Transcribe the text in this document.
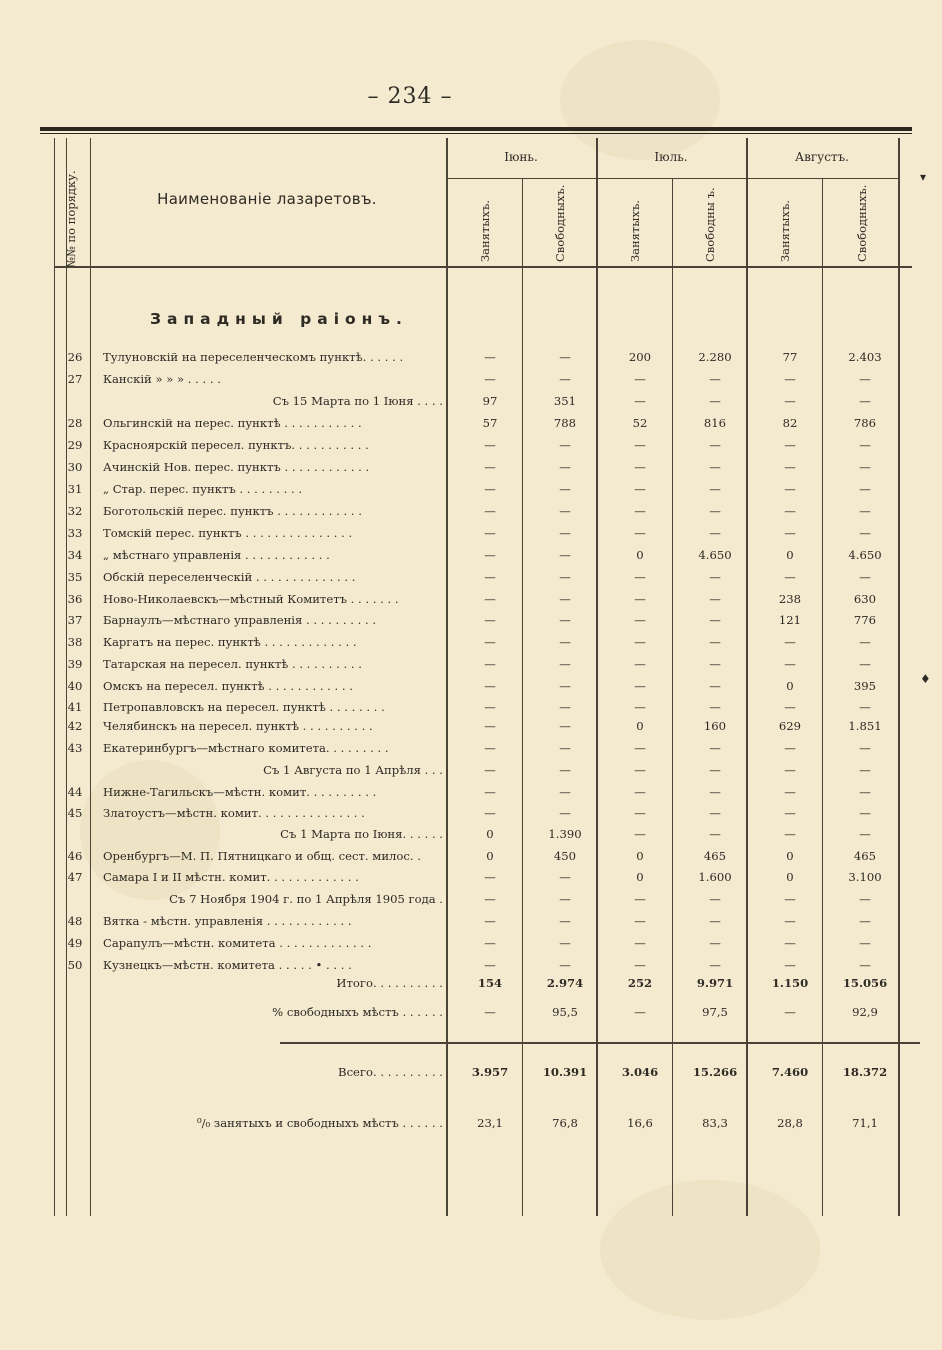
– 234 –
№№ по порядку.	Наименованіе лазаретовъ.
Іюнь.	Іюль.	Августъ.
Занятыхъ.	Свободныхъ.	Занятыхъ.	Свободны ъ.	Занятыхъ.	Свободныхъ.
Западный раіонъ.
26	Тулуновскій на переселенческомъ пунктѣ. . . . . .	—	—	200	2.280	77	2.403
27	Канскій » » » . . . . .	—	—	—	—	—	—
Съ 15 Марта по 1 Іюня . . . .	97	351	—	—	—	—
28	Ольгинскій на перес. пунктѣ . . . . . . . . . . .	57	788	52	816	82	786
29	Красноярскій пересел. пунктъ. . . . . . . . . . .	—	—	—	—	—	—
30	Ачинскій Нов. перес. пунктъ . . . . . . . . . . . .	—	—	—	—	—	—
31	„ Стар. перес. пунктъ . . . . . . . . .	—	—	—	—	—	—
32	Боготольскій перес. пунктъ . . . . . . . . . . . .	—	—	—	—	—	—
33	Томскій перес. пунктъ . . . . . . . . . . . . . . .	—	—	—	—	—	—
34	„ мѣстнаго управленія . . . . . . . . . . . .	—	—	0	4.650	0	4.650
35	Обскій переселенческій . . . . . . . . . . . . . .	—	—	—	—	—	—
36	Ново-Николаевскъ—мѣстный Комитетъ . . . . . . .	—	—	—	—	238	630
37	Барнаулъ—мѣстнаго управленія . . . . . . . . . .	—	—	—	—	121	776
38	Каргатъ на перес. пунктѣ . . . . . . . . . . . . .	—	—	—	—	—	—
39	Татарская на пересел. пунктѣ . . . . . . . . . .	—	—	—	—	—	—
40	Омскъ на пересел. пунктѣ . . . . . . . . . . . .	—	—	—	—	0	395
41	Петропавловскъ на пересел. пунктѣ . . . . . . . .	—	—	—	—	—	—
42	Челябинскъ на пересел. пунктѣ . . . . . . . . . .	—	—	0	160	629	1.851
43	Екатеринбургъ—мѣстнаго комитета. . . . . . . . .	—	—	—	—	—	—
Съ 1 Августа по 1 Апрѣля . . .	—	—	—	—	—	—
44	Нижне-Тагильскъ—мѣстн. комит. . . . . . . . . .	—	—	—	—	—	—
45	Златоустъ—мѣстн. комит. . . . . . . . . . . . . . .	—	—	—	—	—	—
Съ 1 Марта по Іюня. . . . . .	0	1.390	—	—	—	—
46	Оренбургъ—М. П. Пятницкаго и общ. сест. милос. .	0	450	0	465	0	465
47	Самара I и II мѣстн. комит. . . . . . . . . . . . .	—	—	0	1.600	0	3.100
Съ 7 Ноября 1904 г. по 1 Апрѣля 1905 года .	—	—	—	—	—	—
48	Вятка - мѣстн. управленія . . . . . . . . . . . .	—	—	—	—	—	—
49	Сарапулъ—мѣстн. комитета . . . . . . . . . . . . .	—	—	—	—	—	—
50	Кузнецкъ—мѣстн. комитета . . . . . • . . . .	—	—	—	—	—	—
Итого. . . . . . . . . .	154	2.974	252	9.971	1.150	15.056
% свободныхъ мѣстъ . . . . . .	—	95,5	—	97,5	—	92,9
Всего. . . . . . . . . .	3.957	10.391	3.046	15.266	7.460	18.372
⁰/₀ занятыхъ и свободныхъ мѣстъ . . . . . .	23,1	76,8	16,6	83,3	28,8	71,1
▾
♦
